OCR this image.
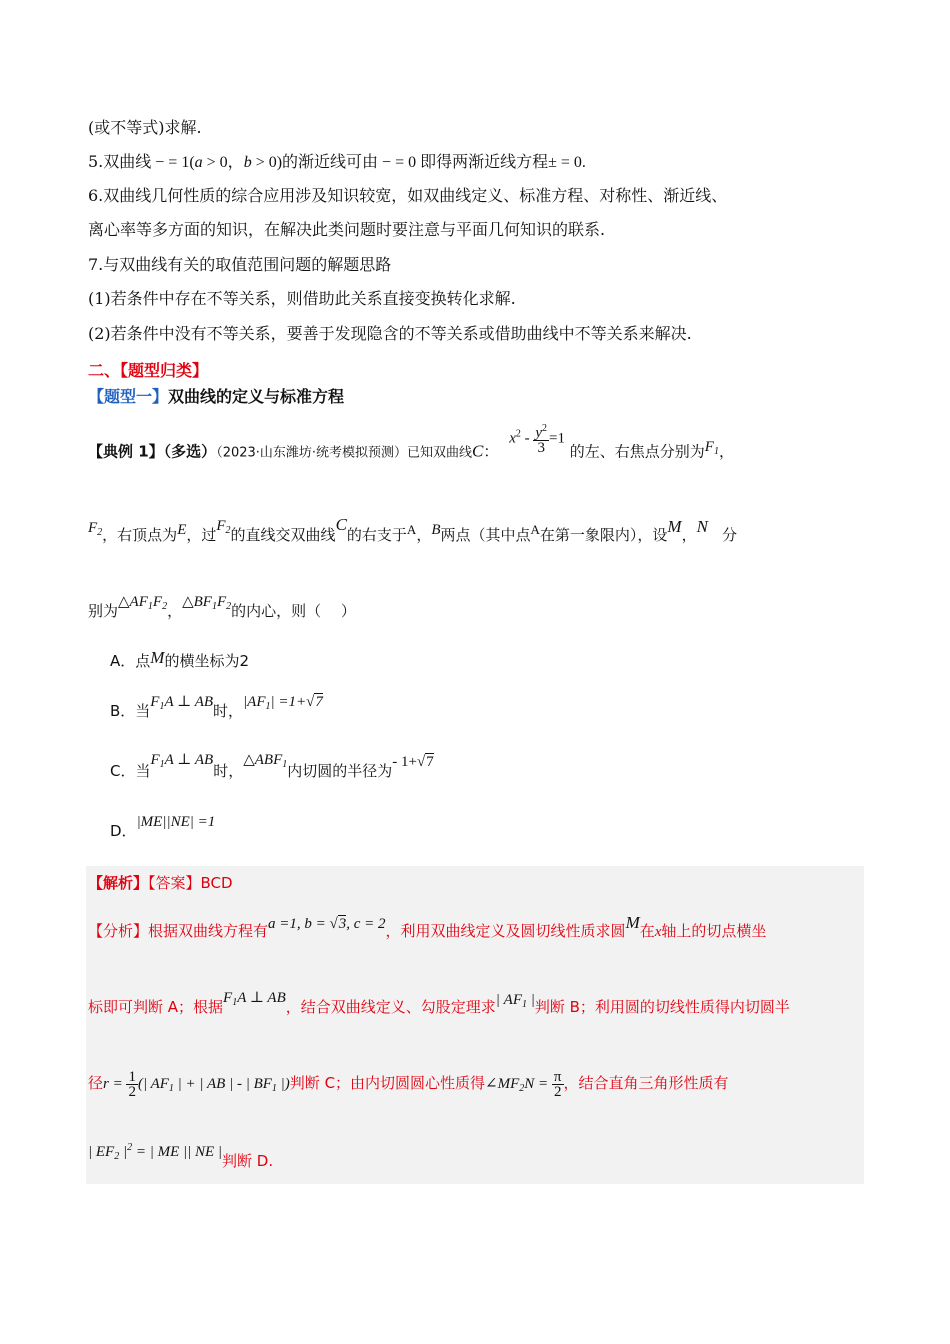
(或不等式)求解.
5.双曲线 − = 1(a > 0，b > 0)的渐近线可由 − = 0 即得两渐近线方程± = 0.
6.双曲线几何性质的综合应用涉及知识较宽，如双曲线定义、标准方程、对称性、渐近线、
离心率等多方面的知识，在解决此类问题时要注意与平面几何知识的联系.
7.与双曲线有关的取值范围问题的解题思路
(1)若条件中存在不等关系，则借助此关系直接变换转化求解.
(2)若条件中没有不等关系，要善于发现隐含的不等关系或借助曲线中不等关系来解决.
二、【题型归类】
【题型一】双曲线的定义与标准方程
【典例 1】（多选）（2023·山东潍坊·统考模拟预测）已知双曲线C： $x^2 - \frac{y^2}{3} =1$ 的左、右焦点分别为$F_1$，
$F_2$，右顶点为E，过$F_2$的直线交双曲线C的右支于A，B两点（其中点A在第一象限内），设M，N 分
别为$\triangle AF_1F_2$，$\triangle BF_1F_2$的内心，则（　 ）
A．点M的横坐标为2
B．当$F_1A$ ⊥ AB时，$|AF_1| =1+√7$
C．当$F_1A$ ⊥ AB时，$\triangle ABF_1$内切圆的半径为- 1+√7
D．|ME||NE| =1
【解析】【答案】BCD
【分析】根据双曲线方程有a =1, b = √3, c = 2，利用双曲线定义及圆切线性质求圆M在x轴上的切点横坐
标即可判断 A；根据$F_1A$ ⊥ AB，结合双曲线定义、勾股定理求| $AF_1$ |判断 B；利用圆的切线性质得内切圆半
径$r = \frac{1}{2}$ (| $AF_1$ | + | AB | - | $BF_1$ |)判断 C；由内切圆圆心性质得$\angle MF_2N = \frac{\pi}{2}$ ，结合直角三角形性质有
| $EF_2$ $|^2$ = | ME || NE |判断 D.
